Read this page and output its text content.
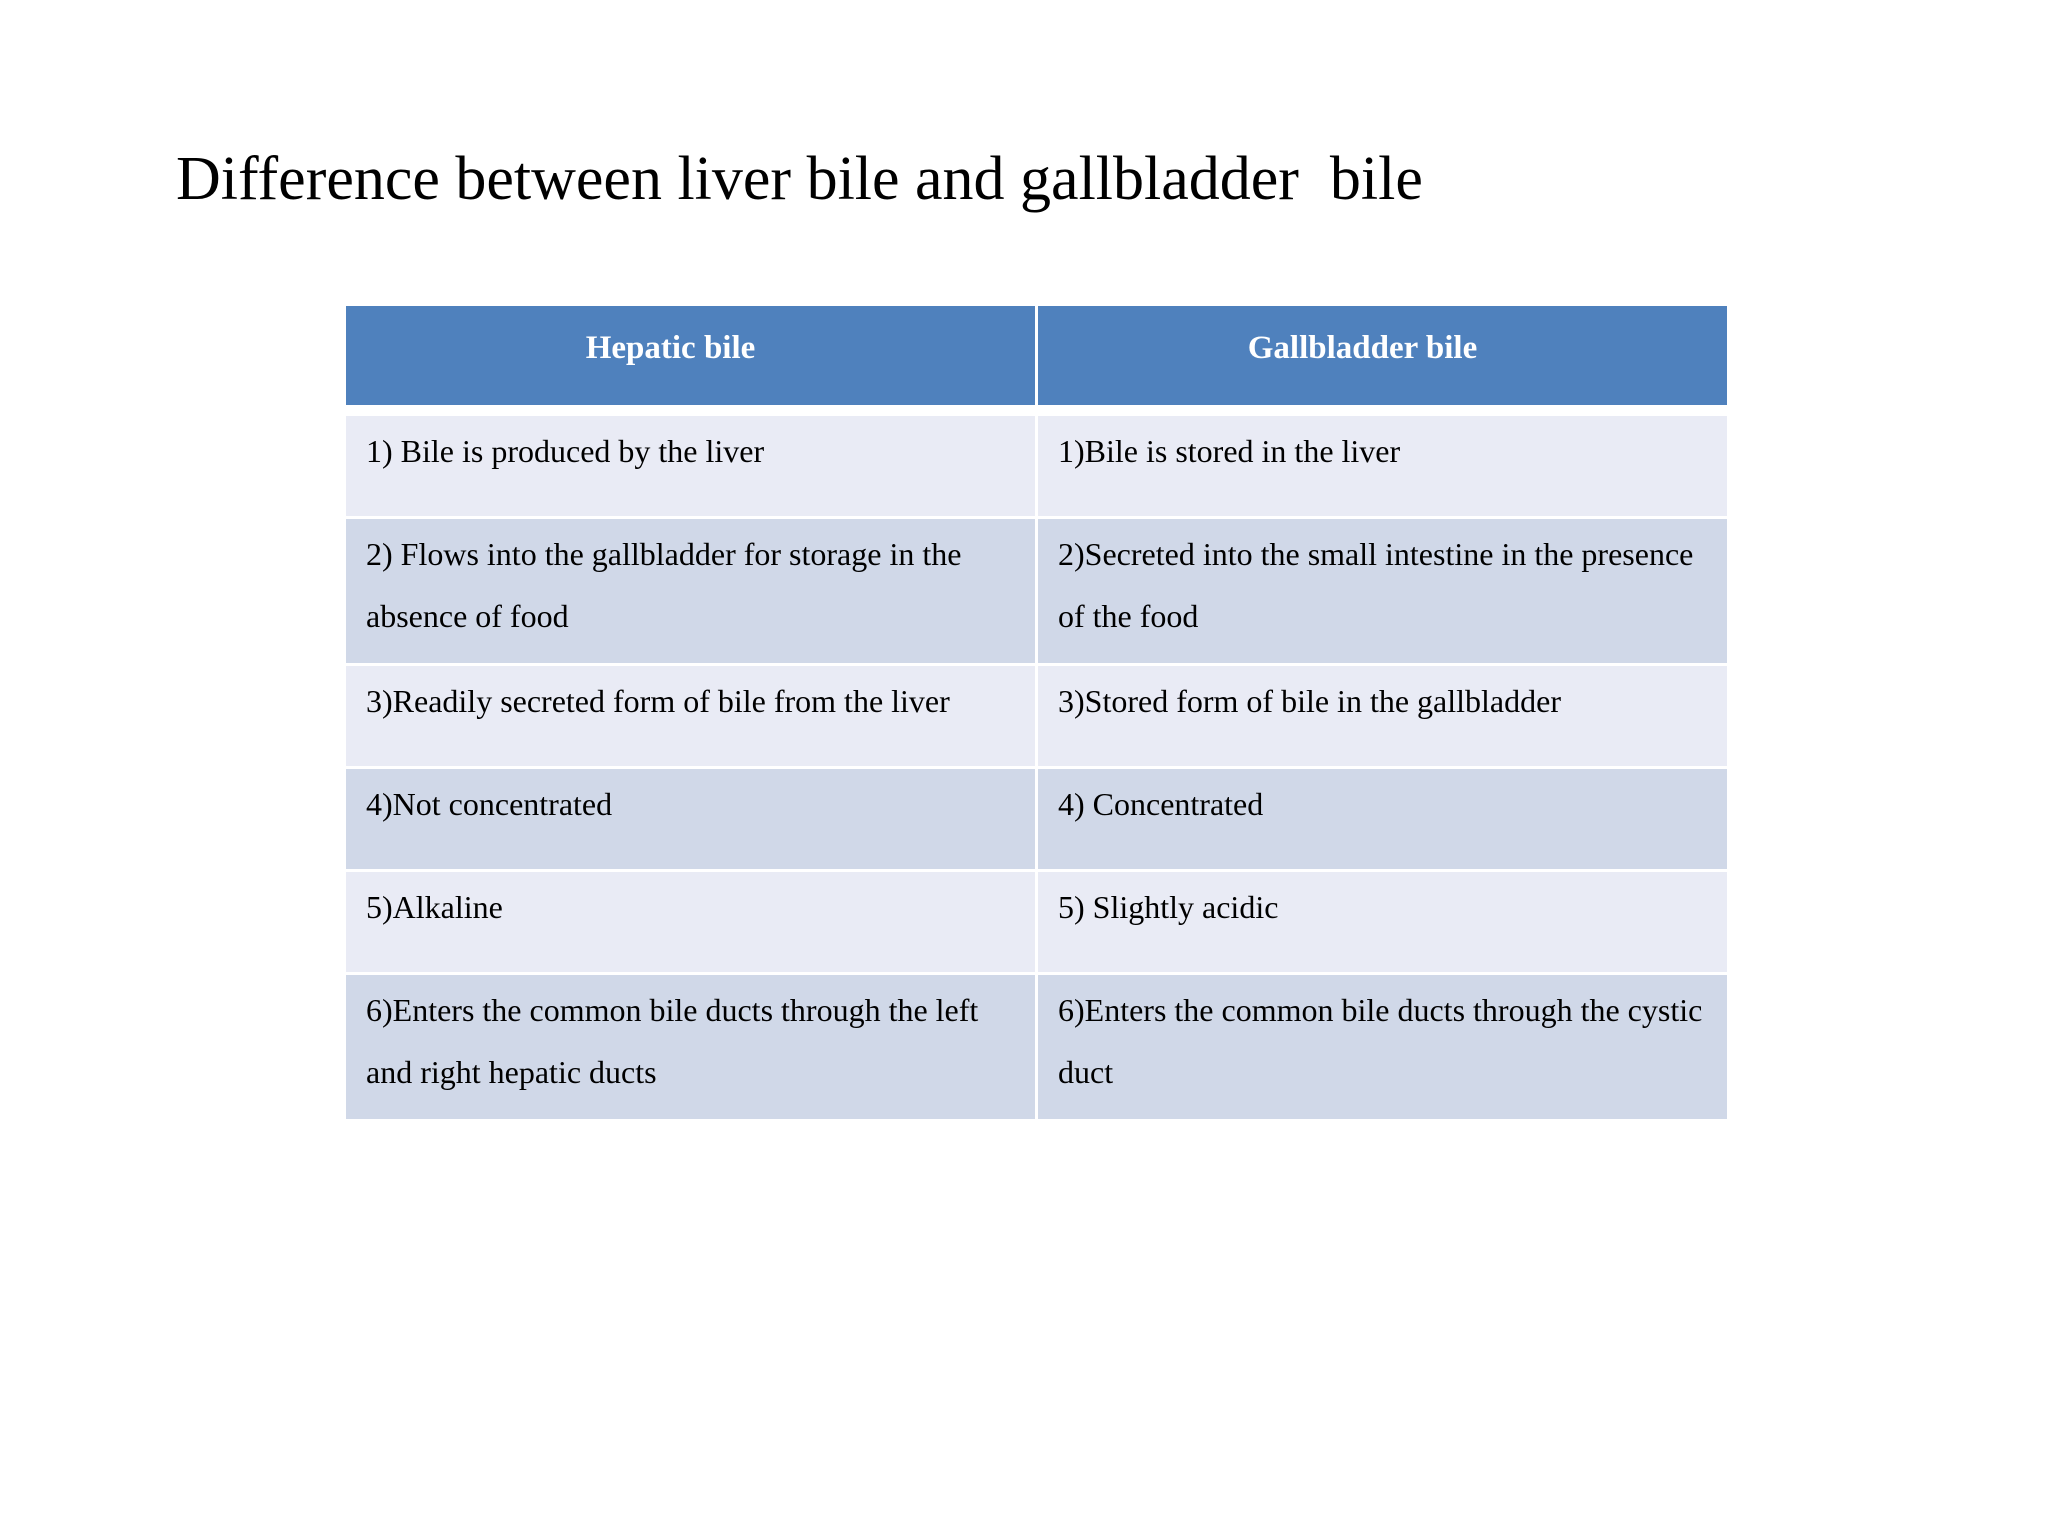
Difference between liver bile and gallbladder  bile
Hepatic bile	Gallbladder bile

1) Bile is produced by the liver	1)Bile is stored in the liver
2) Flows into the gallbladder for storage in the absence of food	2)Secreted into the small intestine in the presence of the food
3)Readily secreted form of bile from the liver	3)Stored form of bile in the gallbladder
4)Not concentrated	4) Concentrated
5)Alkaline	5) Slightly acidic
6)Enters the common bile ducts through the left and right hepatic ducts	6)Enters the common bile ducts through the cystic duct
